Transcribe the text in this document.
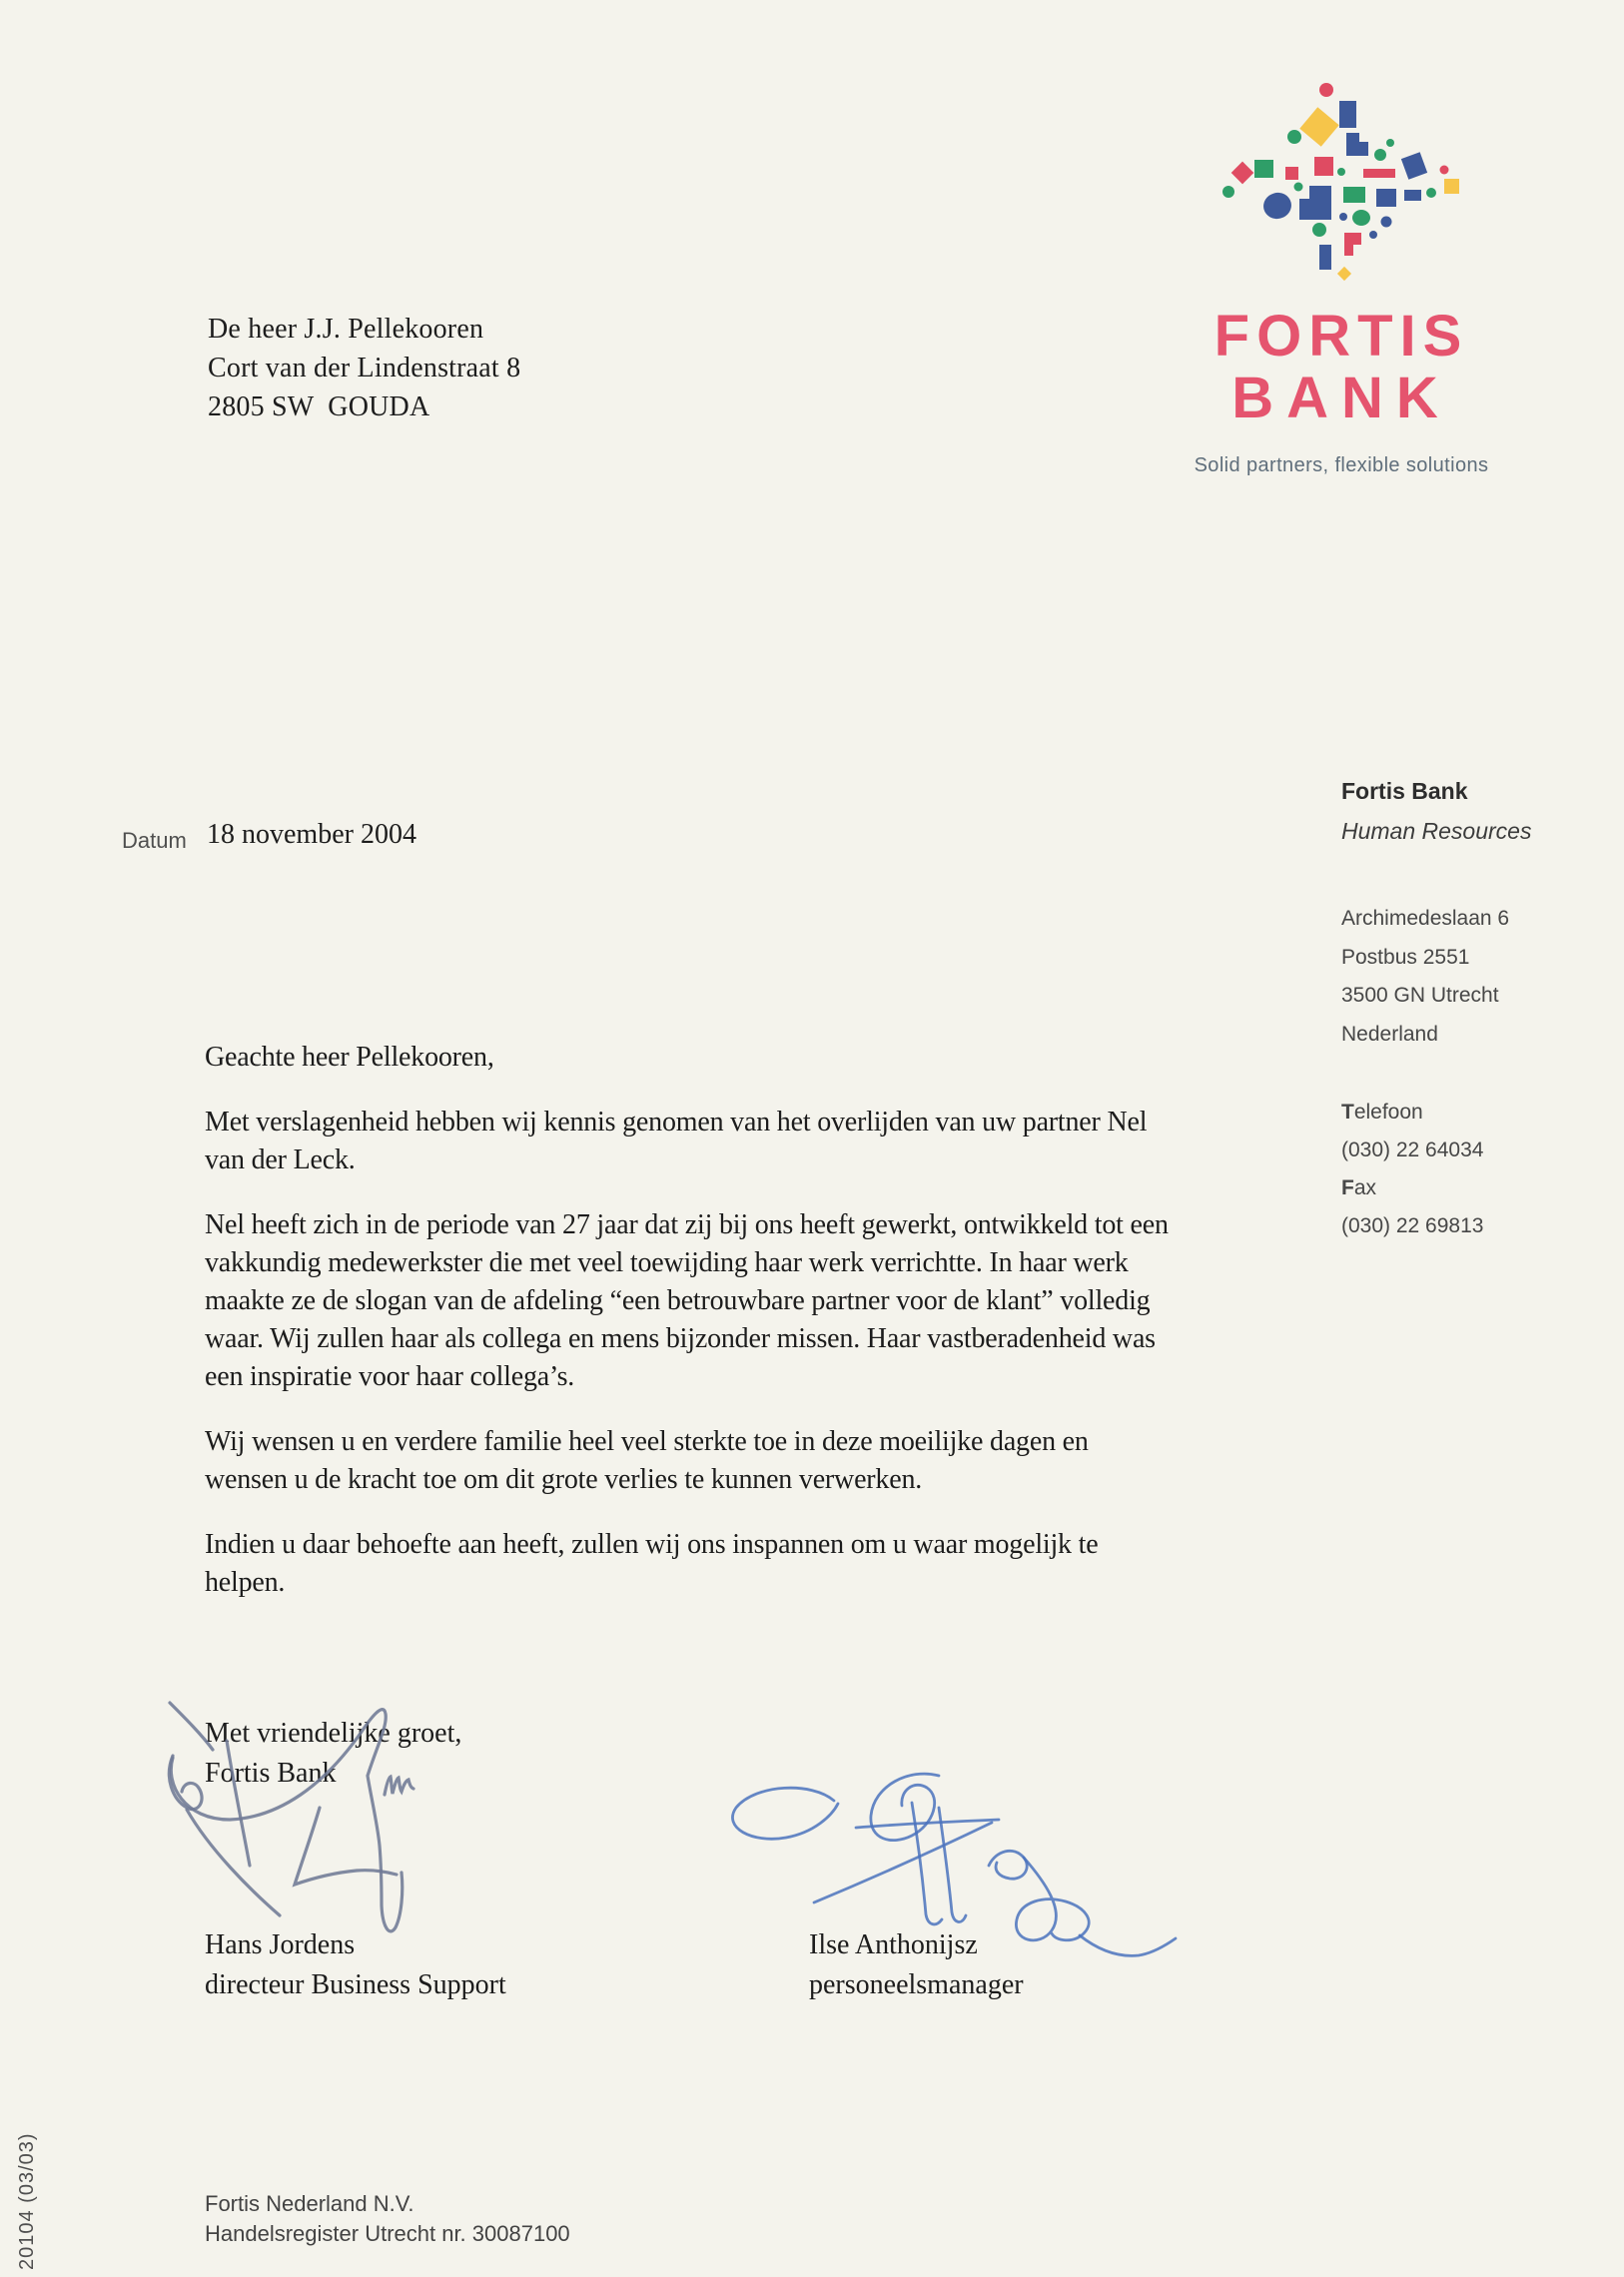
De heer J.J. Pellekooren
Cort van der Lindenstraat 8
2805 SW  GOUDA
FORTIS
BANK
Solid partners, flexible solutions
Datum 18 november 2004
Fortis Bank
Human Resources
Archimedeslaan 6
Postbus 2551
3500 GN Utrecht
Nederland
Telefoon
(030) 22 64034
Fax
(030) 22 69813
Geachte heer Pellekooren,
Met verslagenheid hebben wij kennis genomen van het overlijden van uw partner Nel
van der Leck.
Nel heeft zich in de periode van 27 jaar dat zij bij ons heeft gewerkt, ontwikkeld tot een
vakkundig medewerkster die met veel toewijding haar werk verrichtte. In haar werk
maakte ze de slogan van de afdeling “een betrouwbare partner voor de klant” volledig
waar. Wij zullen haar als collega en mens bijzonder missen. Haar vastberadenheid was
een inspiratie voor haar collega’s.
Wij wensen u en verdere familie heel veel sterkte toe in deze moeilijke dagen en
wensen u de kracht toe om dit grote verlies te kunnen verwerken.
Indien u daar behoefte aan heeft, zullen wij ons inspannen om u waar mogelijk te
helpen.
Met vriendelijke groet,
Fortis Bank
Hans Jordens
directeur Business Support
Ilse Anthonijsz
personeelsmanager
Fortis Nederland N.V.
Handelsregister Utrecht nr. 30087100
20104 (03/03)
